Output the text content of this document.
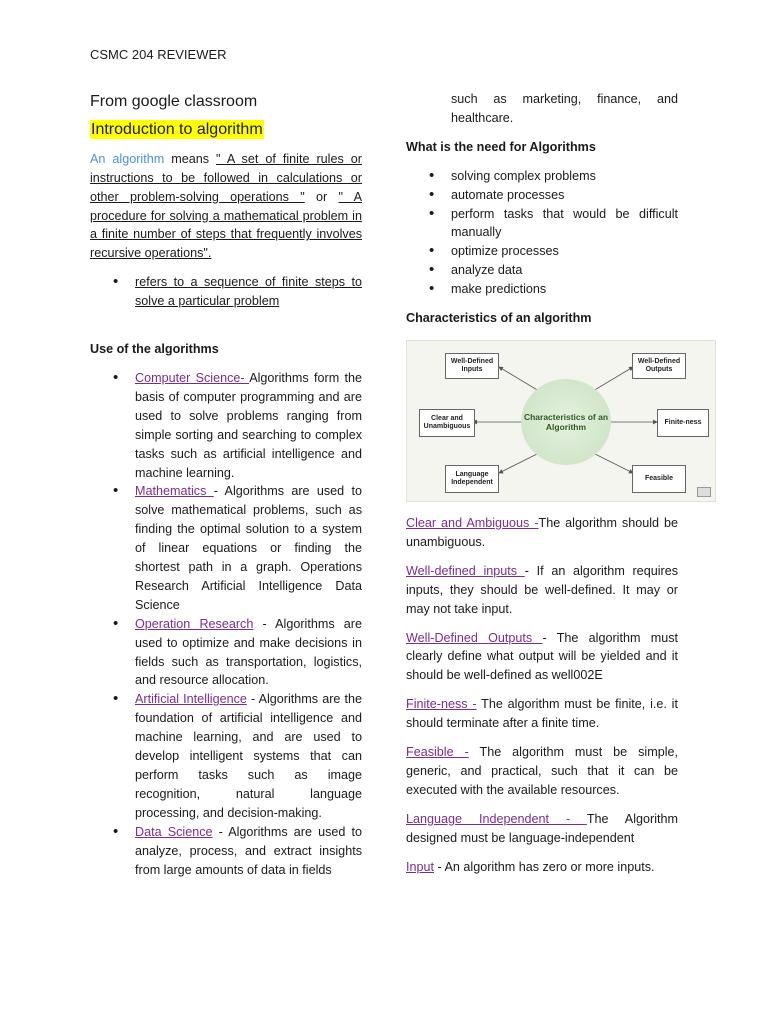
CSMC 204 REVIEWER
From google classroom
Introduction to algorithm

An algorithm means " A set of finite rules or instructions to be followed in calculations or other problem-solving operations " or " A procedure for solving a mathematical problem in a finite number of steps that frequently involves recursive operations".

• refers to a sequence of finite steps to solve a particular problem
Use of the algorithms
• Computer Science- Algorithms form the basis of computer programming and are used to solve problems ranging from simple sorting and searching to complex tasks such as artificial intelligence and machine learning.
• Mathematics - Algorithms are used to solve mathematical problems, such as finding the optimal solution to a system of linear equations or finding the shortest path in a graph. Operations Research Artificial Intelligence Data Science
• Operation Research - Algorithms are used to optimize and make decisions in fields such as transportation, logistics, and resource allocation.
• Artificial Intelligence - Algorithms are the foundation of artificial intelligence and machine learning, and are used to develop intelligent systems that can perform tasks such as image recognition, natural language processing, and decision-making.
• Data Science - Algorithms are used to analyze, process, and extract insights from large amounts of data in fields

such as marketing, finance, and healthcare.

What is the need for Algorithms
• solving complex problems
• automate processes
• perform tasks that would be difficult manually
• optimize processes
• analyze data
• make predictions
Characteristics of an algorithm
Well-Defined Inputs
Well-Defined Outputs
Clear and Unambiguous
Finite-ness
Language Independent
Feasible
Characteristics of an Algorithm

Clear and Ambiguous -The algorithm should be unambiguous.

Well-defined inputs - If an algorithm requires inputs, they should be well-defined. It may or may not take input.

Well-Defined Outputs - The algorithm must clearly define what output will be yielded and it should be well-defined as well002E

Finite-ness - The algorithm must be finite, i.e. it should terminate after a finite time.

Feasible - The algorithm must be simple, generic, and practical, such that it can be executed with the available resources.

Language Independent - The Algorithm designed must be language-independent

Input - An algorithm has zero or more inputs.
